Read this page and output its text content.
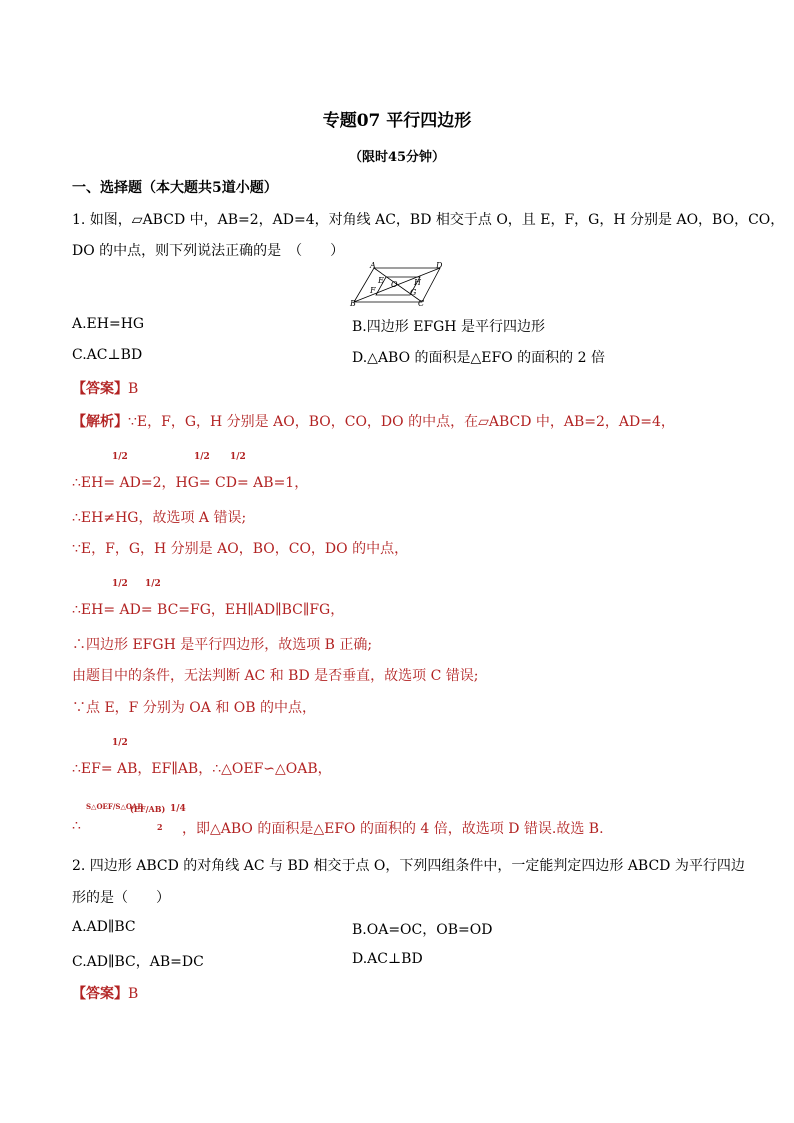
专题07 平行四边形
（限时45分钟）
一、选择题（本大题共5道小题）
1. 如图，▱ABCD 中，AB=2，AD=4，对角线 AC，BD 相交于点 O，且 E，F，G，H 分别是 AO，BO，CO，
DO 的中点，则下列说法正确的是　（　　）
A	D
B	C
E
F	G
H
O
A.EH=HG	B.四边形 EFGH 是平行四边形
C.AC⊥BD	D.△ABO 的面积是△EFO 的面积的 2 倍
【答案】B
【解析】∵E，F，G，H 分别是 AO，BO，CO，DO 的中点，在▱ABCD 中，AB=2，AD=4，
1/2	1/2 1/2
∴EH= AD=2，HG= CD= AB=1，
∴EH≠HG，故选项 A 错误;
∵E，F，G，H 分别是 AO，BO，CO，DO 的中点，
1/2 1/2
∴EH= AD= BC=FG，EH∥AD∥BC∥FG，
∴四边形 EFGH 是平行四边形，故选项 B 正确;
由题目中的条件，无法判断 AC 和 BD 是否垂直，故选项 C 错误;
∵点 E，F 分别为 OA 和 OB 的中点，
1/2
∴EF= AB，EF∥AB，∴△OEF∽△OAB，
S△OEF/S△OAB
(EF/AB)
2
1/4
∴	，即△ABO 的面积是△EFO 的面积的 4 倍，故选项 D 错误.故选 B.
2. 四边形 ABCD 的对角线 AC 与 BD 相交于点 O，下列四组条件中，一定能判定四边形 ABCD 为平行四边
形的是（　　）
A.AD∥BC	B.OA=OC，OB=OD
C.AD∥BC，AB=DC	D.AC⊥BD
【答案】B
